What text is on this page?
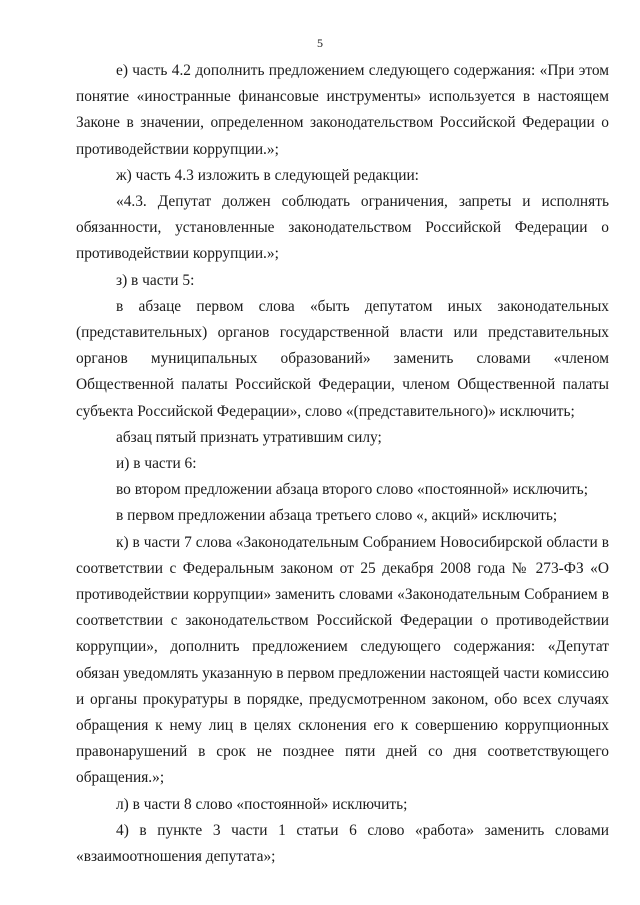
5

е) часть 4.2 дополнить предложением следующего содержания: «При этом понятие «иностранные финансовые инструменты» используется в настоящем Законе в значении, определенном законодательством Российской Федерации о противодействии коррупции.»;

ж) часть 4.3 изложить в следующей редакции:

«4.3. Депутат должен соблюдать ограничения, запреты и исполнять обязанности, установленные законодательством Российской Федерации о противодействии коррупции.»;

з) в части 5:

в абзаце первом слова «быть депутатом иных законодательных (представительных) органов государственной власти или представительных органов муниципальных образований» заменить словами «членом Общественной палаты Российской Федерации, членом Общественной палаты субъекта Российской Федерации», слово «(представительного)» исключить;

абзац пятый признать утратившим силу;

и) в части 6:

во втором предложении абзаца второго слово «постоянной» исключить;

в первом предложении абзаца третьего слово «, акций» исключить;

к) в части 7 слова «Законодательным Собранием Новосибирской области в соответствии с Федеральным законом от 25 декабря 2008 года № 273-ФЗ «О противодействии коррупции» заменить словами «Законодательным Собранием в соответствии с законодательством Российской Федерации о противодействии коррупции», дополнить предложением следующего содержания: «Депутат обязан уведомлять указанную в первом предложении настоящей части комиссию и органы прокуратуры в порядке, предусмотренном законом, обо всех случаях обращения к нему лиц в целях склонения его к совершению коррупционных правонарушений в срок не позднее пяти дней со дня соответствующего обращения.»;

л) в части 8 слово «постоянной» исключить;

4) в пункте 3 части 1 статьи 6 слово «работа» заменить словами «взаимоотношения депутата»;
